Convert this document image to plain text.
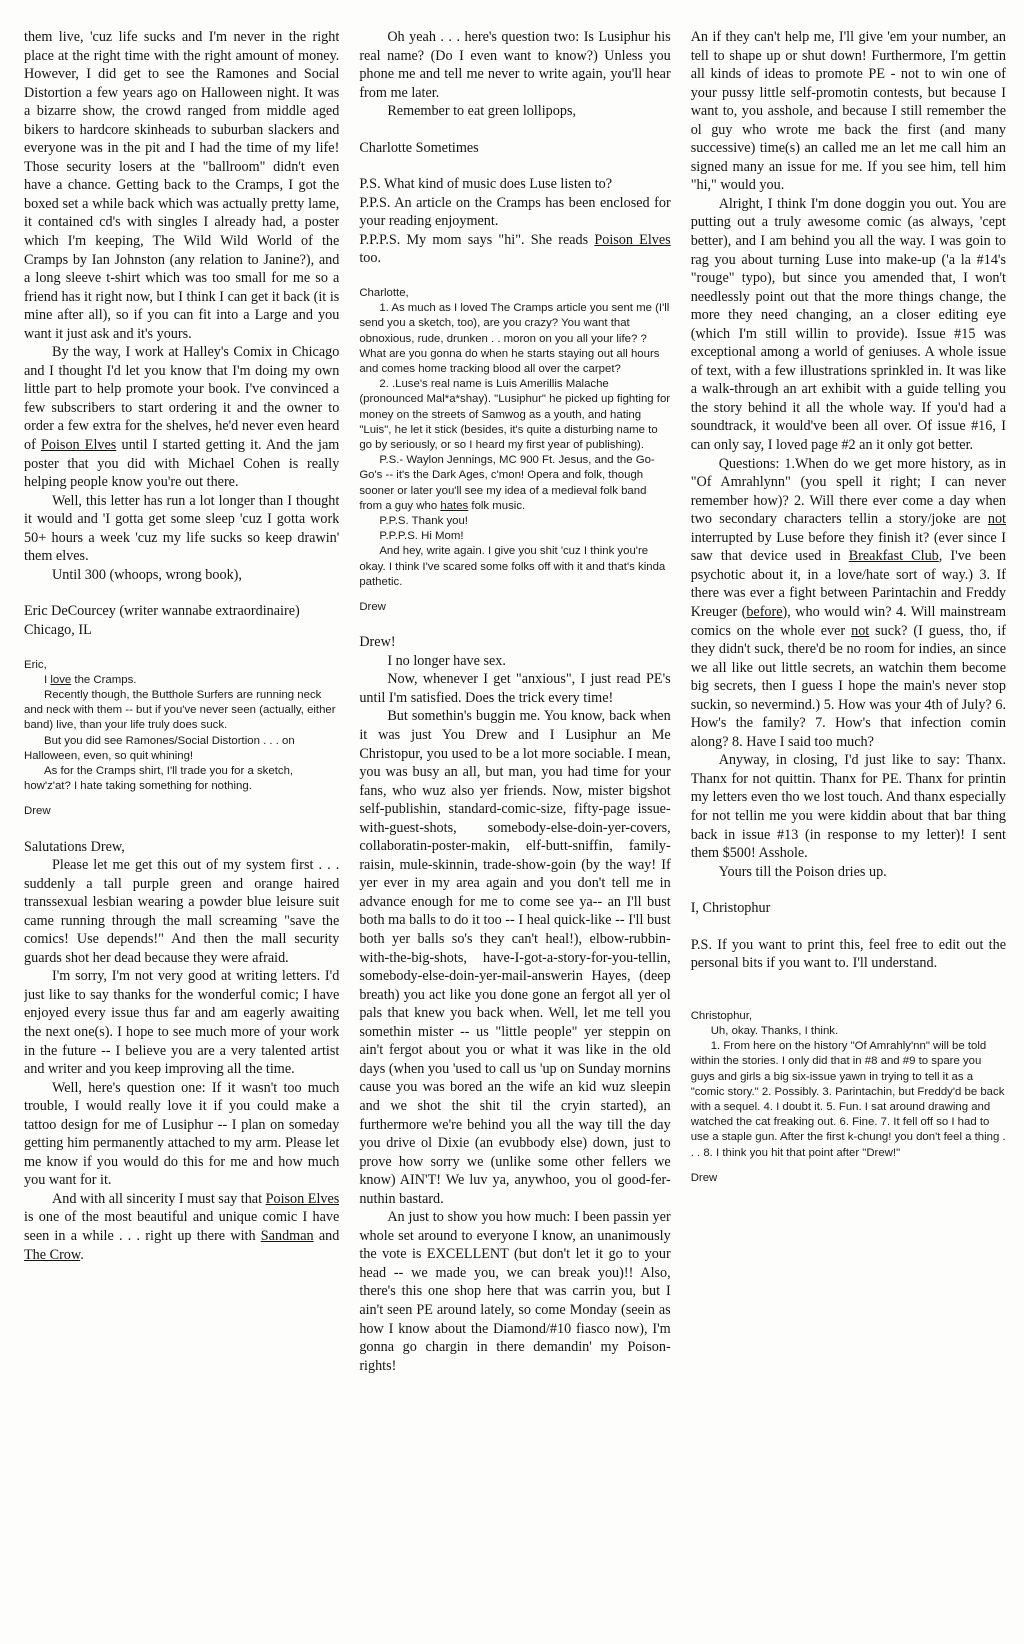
them live, 'cuz life sucks and I'm never in the right place at the right time with the right amount of money. However, I did get to see the Ramones and Social Distortion a few years ago on Halloween night. It was a bizarre show, the crowd ranged from middle aged bikers to hardcore skinheads to suburban slackers and everyone was in the pit and I had the time of my life! Those security losers at the "ballroom" didn't even have a chance. Getting back to the Cramps, I got the boxed set a while back which was actually pretty lame, it contained cd's with singles I already had, a poster which I'm keeping, The Wild Wild World of the Cramps by Ian Johnston (any relation to Janine?), and a long sleeve t-shirt which was too small for me so a friend has it right now, but I think I can get it back (it is mine after all), so if you can fit into a Large and you want it just ask and it's yours.

By the way, I work at Halley's Comix in Chicago and I thought I'd let you know that I'm doing my own little part to help promote your book. I've convinced a few subscribers to start ordering it and the owner to order a few extra for the shelves, he'd never even heard of Poison Elves until I started getting it. And the jam poster that you did with Michael Cohen is really helping people know you're out there.

Well, this letter has run a lot longer than I thought it would and 'I gotta get some sleep 'cuz I gotta work 50+ hours a week 'cuz my life sucks so keep drawin' them elves.

Until 300 (whoops, wrong book),

Eric DeCourcey (writer wannabe extraordinaire)

Chicago, IL

Eric,

I love the Cramps.

Recently though, the Butthole Surfers are running neck and neck with them -- but if you've never seen (actually, either band) live, than your life truly does suck.

But you did see Ramones/Social Distortion . . . on Halloween, even, so quit whining!

As for the Cramps shirt, I'll trade you for a sketch, how'z'at? I hate taking something for nothing.

Drew

Salutations Drew,

Please let me get this out of my system first . . . suddenly a tall purple green and orange haired transsexual lesbian wearing a powder blue leisure suit came running through the mall screaming "save the comics! Use depends!" And then the mall security guards shot her dead because they were afraid.

I'm sorry, I'm not very good at writing letters. I'd just like to say thanks for the wonderful comic; I have enjoyed every issue thus far and am eagerly awaiting the next one(s). I hope to see much more of your work in the future -- I believe you are a very talented artist and writer and you keep improving all the time.

Well, here's question one: If it wasn't too much trouble, I would really love it if you could make a tattoo design for me of Lusiphur -- I plan on someday getting him permanently attached to my arm. Please let me know if you would do this for me and how much you want for it.

And with all sincerity I must say that Poison Elves is one of the most beautiful and unique comic I have seen in a while . . . right up there with Sandman and The Crow.

Oh yeah . . . here's question two: Is Lusiphur his real name? (Do I even want to know?) Unless you phone me and tell me never to write again, you'll hear from me later.

Remember to eat green lollipops,

Charlotte Sometimes

P.S. What kind of music does Luse listen to?

P.P.S. An article on the Cramps has been enclosed for your reading enjoyment.

P.P.P.S. My mom says "hi". She reads Poison Elves too.

Charlotte,

1. As much as I loved The Cramps article you sent me (I'll send you a sketch, too), are you crazy? You want that obnoxious, rude, drunken . . moron on you all your life? ?What are you gonna do when he starts staying out all hours and comes home tracking blood all over the carpet?

2. .Luse's real name is Luis Amerillis Malache (pronounced Mal*a*shay). "Lusiphur" he picked up fighting for money on the streets of Samwog as a youth, and hating "Luis", he let it stick (besides, it's quite a disturbing name to go by seriously, or so I heard my first year of publishing).

P.S.- Waylon Jennings, MC 900 Ft. Jesus, and the Go-Go's -- it's the Dark Ages, c'mon! Opera and folk, though sooner or later you'll see my idea of a medieval folk band from a guy who hates folk music.

P.P.S. Thank you!

P.P.P.S. Hi Mom!

And hey, write again. I give you shit 'cuz I think you're okay. I think I've scared some folks off with it and that's kinda pathetic.

Drew

Drew!

I no longer have sex.

Now, whenever I get "anxious", I just read PE's until I'm satisfied. Does the trick every time!

But somethin's buggin me. You know, back when it was just You Drew and I Lusiphur an Me Christopur, you used to be a lot more sociable. I mean, you was busy an all, but man, you had time for your fans, who wuz also yer friends. Now, mister bigshot self-publishin, standard-comic-size, fifty-page issue-with-guest-shots, somebody-else-doin-yer-covers, collaboratin-poster-makin, elf-butt-sniffin, family-raisin, mule-skinnin, trade-show-goin (by the way! If yer ever in my area again and you don't tell me in advance enough for me to come see ya-- an I'll bust both ma balls to do it too -- I heal quick-like -- I'll bust both yer balls so's they can't heal!), elbow-rubbin-with-the-big-shots, have-I-got-a-story-for-you-tellin, somebody-else-doin-yer-mail-answerin Hayes, (deep breath) you act like you done gone an fergot all yer ol pals that knew you back when. Well, let me tell you somethin mister -- us "little people" yer steppin on ain't fergot about you or what it was like in the old days (when you 'used to call us 'up on Sunday mornins cause you was bored an the wife an kid wuz sleepin and we shot the shit til the cryin started), an furthermore we're behind you all the way till the day you drive ol Dixie (an evubbody else) down, just to prove how sorry we (unlike some other fellers we know) AIN'T! We luv ya, anywhoo, you ol good-fer-nuthin bastard.

An just to show you how much: I been passin yer whole set around to everyone I know, an unanimously the vote is EXCELLENT (but don't let it go to your head -- we made you, we can break you)!! Also, there's this one shop here that was carrin you, but I ain't seen PE around lately, so come Monday (seein as how I know about the Diamond/#10 fiasco now), I'm gonna go chargin in there demandin' my Poison-rights!

An if they can't help me, I'll give 'em your number, an tell to shape up or shut down! Furthermore, I'm gettin all kinds of ideas to promote PE - not to win one of your pussy little self-promotin contests, but because I want to, you asshole, and because I still remember the ol guy who wrote me back the first (and many successive) time(s) an called me an let me call him an signed many an issue for me. If you see him, tell him "hi," would you.

Alright, I think I'm done doggin you out. You are putting out a truly awesome comic (as always, 'cept better), and I am behind you all the way. I was goin to rag you about turning Luse into make-up ('a la #14's "rouge" typo), but since you amended that, I won't needlessly point out that the more things change, the more they need changing, an a closer editing eye (which I'm still willin to provide). Issue #15 was exceptional among a world of geniuses. A whole issue of text, with a few illustrations sprinkled in. It was like a walk-through an art exhibit with a guide telling you the story behind it all the whole way. If you'd had a soundtrack, it would've been all over. Of issue #16, I can only say, I loved page #2 an it only got better.

Questions: 1.When do we get more history, as in "Of Amrahlynn" (you spell it right; I can never remember how)? 2. Will there ever come a day when two secondary characters tellin a story/joke are not interrupted by Luse before they finish it? (ever since I saw that device used in Breakfast Club, I've been psychotic about it, in a love/hate sort of way.) 3. If there was ever a fight between Parintachin and Freddy Kreuger (before), who would win? 4. Will mainstream comics on the whole ever not suck? (I guess, tho, if they didn't suck, there'd be no room for indies, an since we all like out little secrets, an watchin them become big secrets, then I guess I hope the main's never stop suckin, so nevermind.) 5. How was your 4th of July? 6. How's the family? 7. How's that infection comin along? 8. Have I said too much?

Anyway, in closing, I'd just like to say: Thanx. Thanx for not quittin. Thanx for PE. Thanx for printin my letters even tho we lost touch. And thanx especially for not tellin me you were kiddin about that bar thing back in issue #13 (in response to my letter)! I sent them $500! Asshole.

Yours till the Poison dries up.

I, Christophur

P.S. If you want to print this, feel free to edit out the personal bits if you want to. I'll understand.

Christophur,

Uh, okay. Thanks, I think.

1. From here on the history "Of Amrahly'nn" will be told within the stories. I only did that in #8 and #9 to spare you guys and girls a big six-issue yawn in trying to tell it as a "comic story." 2. Possibly. 3. Parintachin, but Freddy'd be back with a sequel. 4. I doubt it. 5. Fun. I sat around drawing and watched the cat freaking out. 6. Fine. 7. It fell off so I had to use a staple gun. After the first k-chung! you don't feel a thing . . . 8. I think you hit that point after "Drew!"

Drew
